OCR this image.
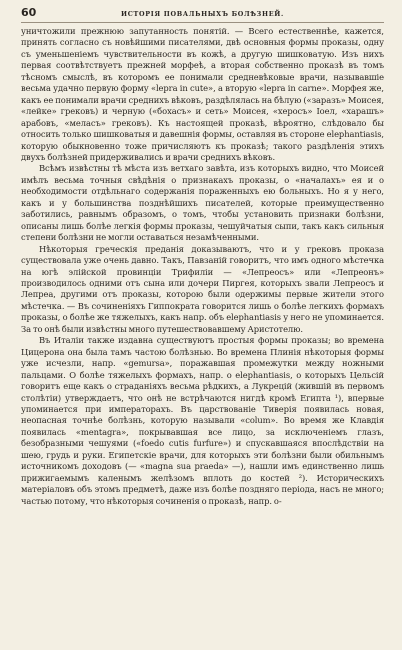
60	ИСТОРІЯ ПОВАЛЬНЫХЪ БОЛѢЗНЕЙ.

уничтожили прежнюю запутанность понятій. — Всего естественнѣе, кажется, принять согласно съ новѣйшими писателями, двѣ основныя формы проказы, одну съ уменьшеніемъ чувствительности въ кожѣ, а другую шишковатую. Изъ нихъ первая соотвѣтствуетъ прежней морфеѣ, а вторая собственно проказѣ въ томъ тѣсномъ смыслѣ, въ которомъ ее понимали средневѣковые врачи, называвшіе весьма удачно первую форму «lepra in cute», а вторую «lepra in carne». Морфея же, какъ ее понимали врачи среднихъ вѣковъ, раздѣлялась на бѣлую («заразъ» Моисея, «лейке» грековъ) и черную («бохасъ» и сеть» Моисея, «херосъ» Іоел, «харашъ» арабовъ, «меласъ» грековъ). Къ настоящей проказѣ, вѣроятно, слѣдовало бы относить только шишковатыя и давешнія формы, оставляя въ стороне elephantiasis, которую обыкновенно тоже причисляютъ къ проказѣ; такого раздѣленія этихъ двухъ болѣзней придерживались и врачи среднихъ вѣковъ.

Всѣмъ извѣстны тѣ мѣста изъ ветхаго завѣта, изъ которыхъ видно, что Моисей имѣлъ весьма точныя свѣдѣнія о признакахъ проказы, о «началахъ» ея и о необходимости отдѣльнаго содержанія пораженныхъ ею больныхъ. Но я у него, какъ и у большинства позднѣйшихъ писателей, которые преимущественно заботились, равнымъ образомъ, о томъ, чтобы установить признаки болѣзни, описаны лишь болѣе легкія формы проказы, чешуйчатыя сыпи, такъ какъ сильныя степени болѣзни не могли оставаться незамѣченными.

Нѣкоторыя греческія преданія доказываютъ, что и у грековъ проказа существовала уже очень давно. Такъ, Павзаній говоритъ, что имъ одного мѣстечка на югѣ элійской провинціи Трифиліи — «Лепреосъ» или «Лепреонъ» производилось одними отъ сына или дочери Пиргея, которыхъ звали Лепреосъ и Лепреа, другими отъ проказы, которою были одержимы первые жители этого мѣстечка. — Въ сочиненіяхъ Гиппократа говорится лишь о болѣе легкихъ формахъ проказы, о болѣе же тяжелыхъ, какъ напр. объ elephantiasis у него не упоминается. За то онѣ были извѣстны много путешествовавшему Аристотелю.

Въ Италіи также издавна существуютъ простыя формы проказы; во времена Цицерона она была тамъ частою болѣзнью. Во времена Плинія нѣкоторыя формы уже исчезли, напр. «gemursa», поражавшая промежутки между ножными пальцами. О болѣе тяжелыхъ формахъ, напр. о elephantiasis, о которыхъ Цельсій говоритъ еще какъ о страданіяхъ весьма рѣдкихъ, а Лукрецій (жившій въ первомъ столѣтіи) утверждаетъ, что онѣ не встрѣчаются нигдѣ кромѣ Египта ¹), впервые упоминается при императорахъ. Въ царствованіе Тиверія появилась новая, неопасная точнѣе болѣзнь, которую называли «colum». Во время же Клавдія появилась «mentagra», покрывавшая все лицо, за исключеніемъ глазъ, безобразными чешуями («foedo cutis furfure») и спускавшаяся впослѣдствіи на шею, грудь и руки. Египетскіе врачи, для которыхъ эти болѣзни были обильнымъ источникомъ доходовъ (— «magna sua praeda» —), нашли имъ единственно лишь прижигаемымъ каленымъ желѣзомъ вплоть до костей ²). Историческихъ матеріаловъ объ этомъ предметѣ, даже изъ болѣе поздняго періода, насъ не много; частью потому, что нѣкоторыя сочиненія о проказѣ, напр. о-
